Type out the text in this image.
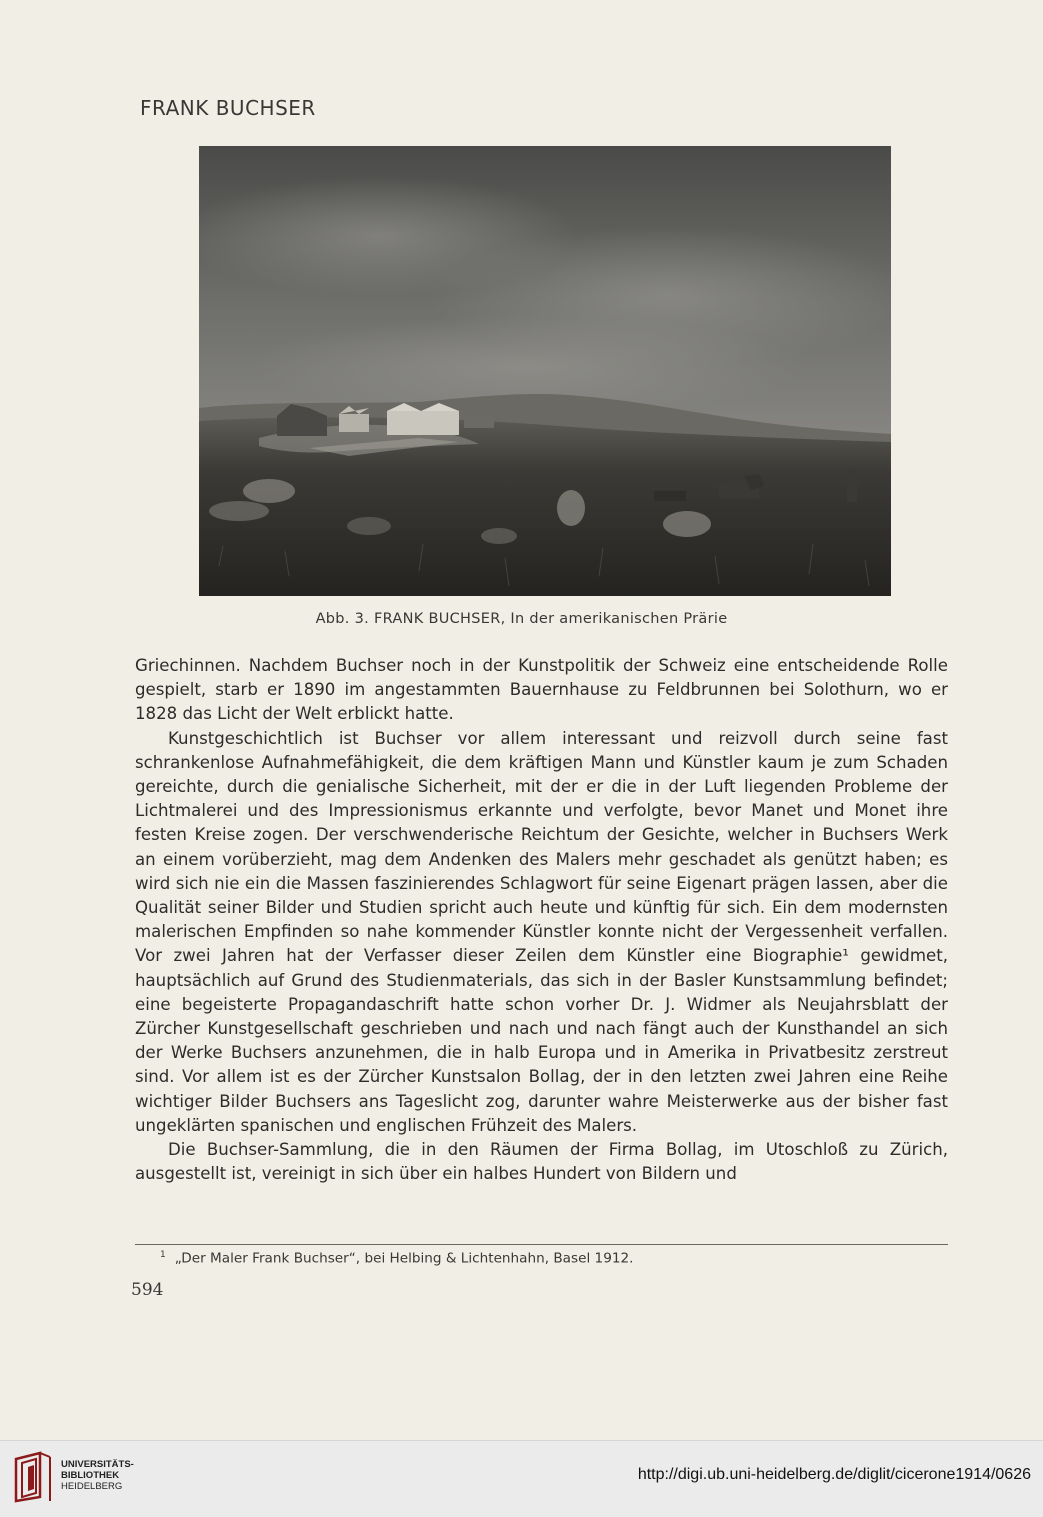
FRANK BUCHSER
Abb. 3. FRANK BUCHSER, In der amerikanischen Prärie

Griechinnen. Nachdem Buchser noch in der Kunstpolitik der Schweiz eine entscheidende Rolle gespielt, starb er 1890 im angestammten Bauernhause zu Feldbrunnen bei Solothurn, wo er 1828 das Licht der Welt erblickt hatte.

Kunstgeschichtlich ist Buchser vor allem interessant und reizvoll durch seine fast schrankenlose Aufnahmefähigkeit, die dem kräftigen Mann und Künstler kaum je zum Schaden gereichte, durch die genialische Sicherheit, mit der er die in der Luft liegenden Probleme der Lichtmalerei und des Impressionismus erkannte und verfolgte, bevor Manet und Monet ihre festen Kreise zogen. Der verschwenderische Reichtum der Gesichte, welcher in Buchsers Werk an einem vorüberzieht, mag dem Andenken des Malers mehr geschadet als genützt haben; es wird sich nie ein die Massen faszinierendes Schlagwort für seine Eigenart prägen lassen, aber die Qualität seiner Bilder und Studien spricht auch heute und künftig für sich. Ein dem modernsten malerischen Empfinden so nahe kommender Künstler konnte nicht der Vergessenheit verfallen. Vor zwei Jahren hat der Verfasser dieser Zeilen dem Künstler eine Biographie¹ gewidmet, hauptsächlich auf Grund des Studienmaterials, das sich in der Basler Kunstsammlung befindet; eine begeisterte Propagandaschrift hatte schon vorher Dr. J. Widmer als Neujahrsblatt der Zürcher Kunstgesellschaft geschrieben und nach und nach fängt auch der Kunsthandel an sich der Werke Buchsers anzunehmen, die in halb Europa und in Amerika in Privatbesitz zerstreut sind. Vor allem ist es der Zürcher Kunstsalon Bollag, der in den letzten zwei Jahren eine Reihe wichtiger Bilder Buchsers ans Tageslicht zog, darunter wahre Meisterwerke aus der bisher fast ungeklärten spanischen und englischen Frühzeit des Malers.

Die Buchser-Sammlung, die in den Räumen der Firma Bollag, im Utoschloß zu Zürich, ausgestellt ist, vereinigt in sich über ein halbes Hundert von Bildern und

$^1$ „Der Maler Frank Buchser“, bei Helbing & Lichtenhahn, Basel 1912.
594
UNIVERSITÄTS-
BIBLIOTHEK
HEIDELBERG
http://digi.ub.uni-heidelberg.de/diglit/cicerone1914/0626
